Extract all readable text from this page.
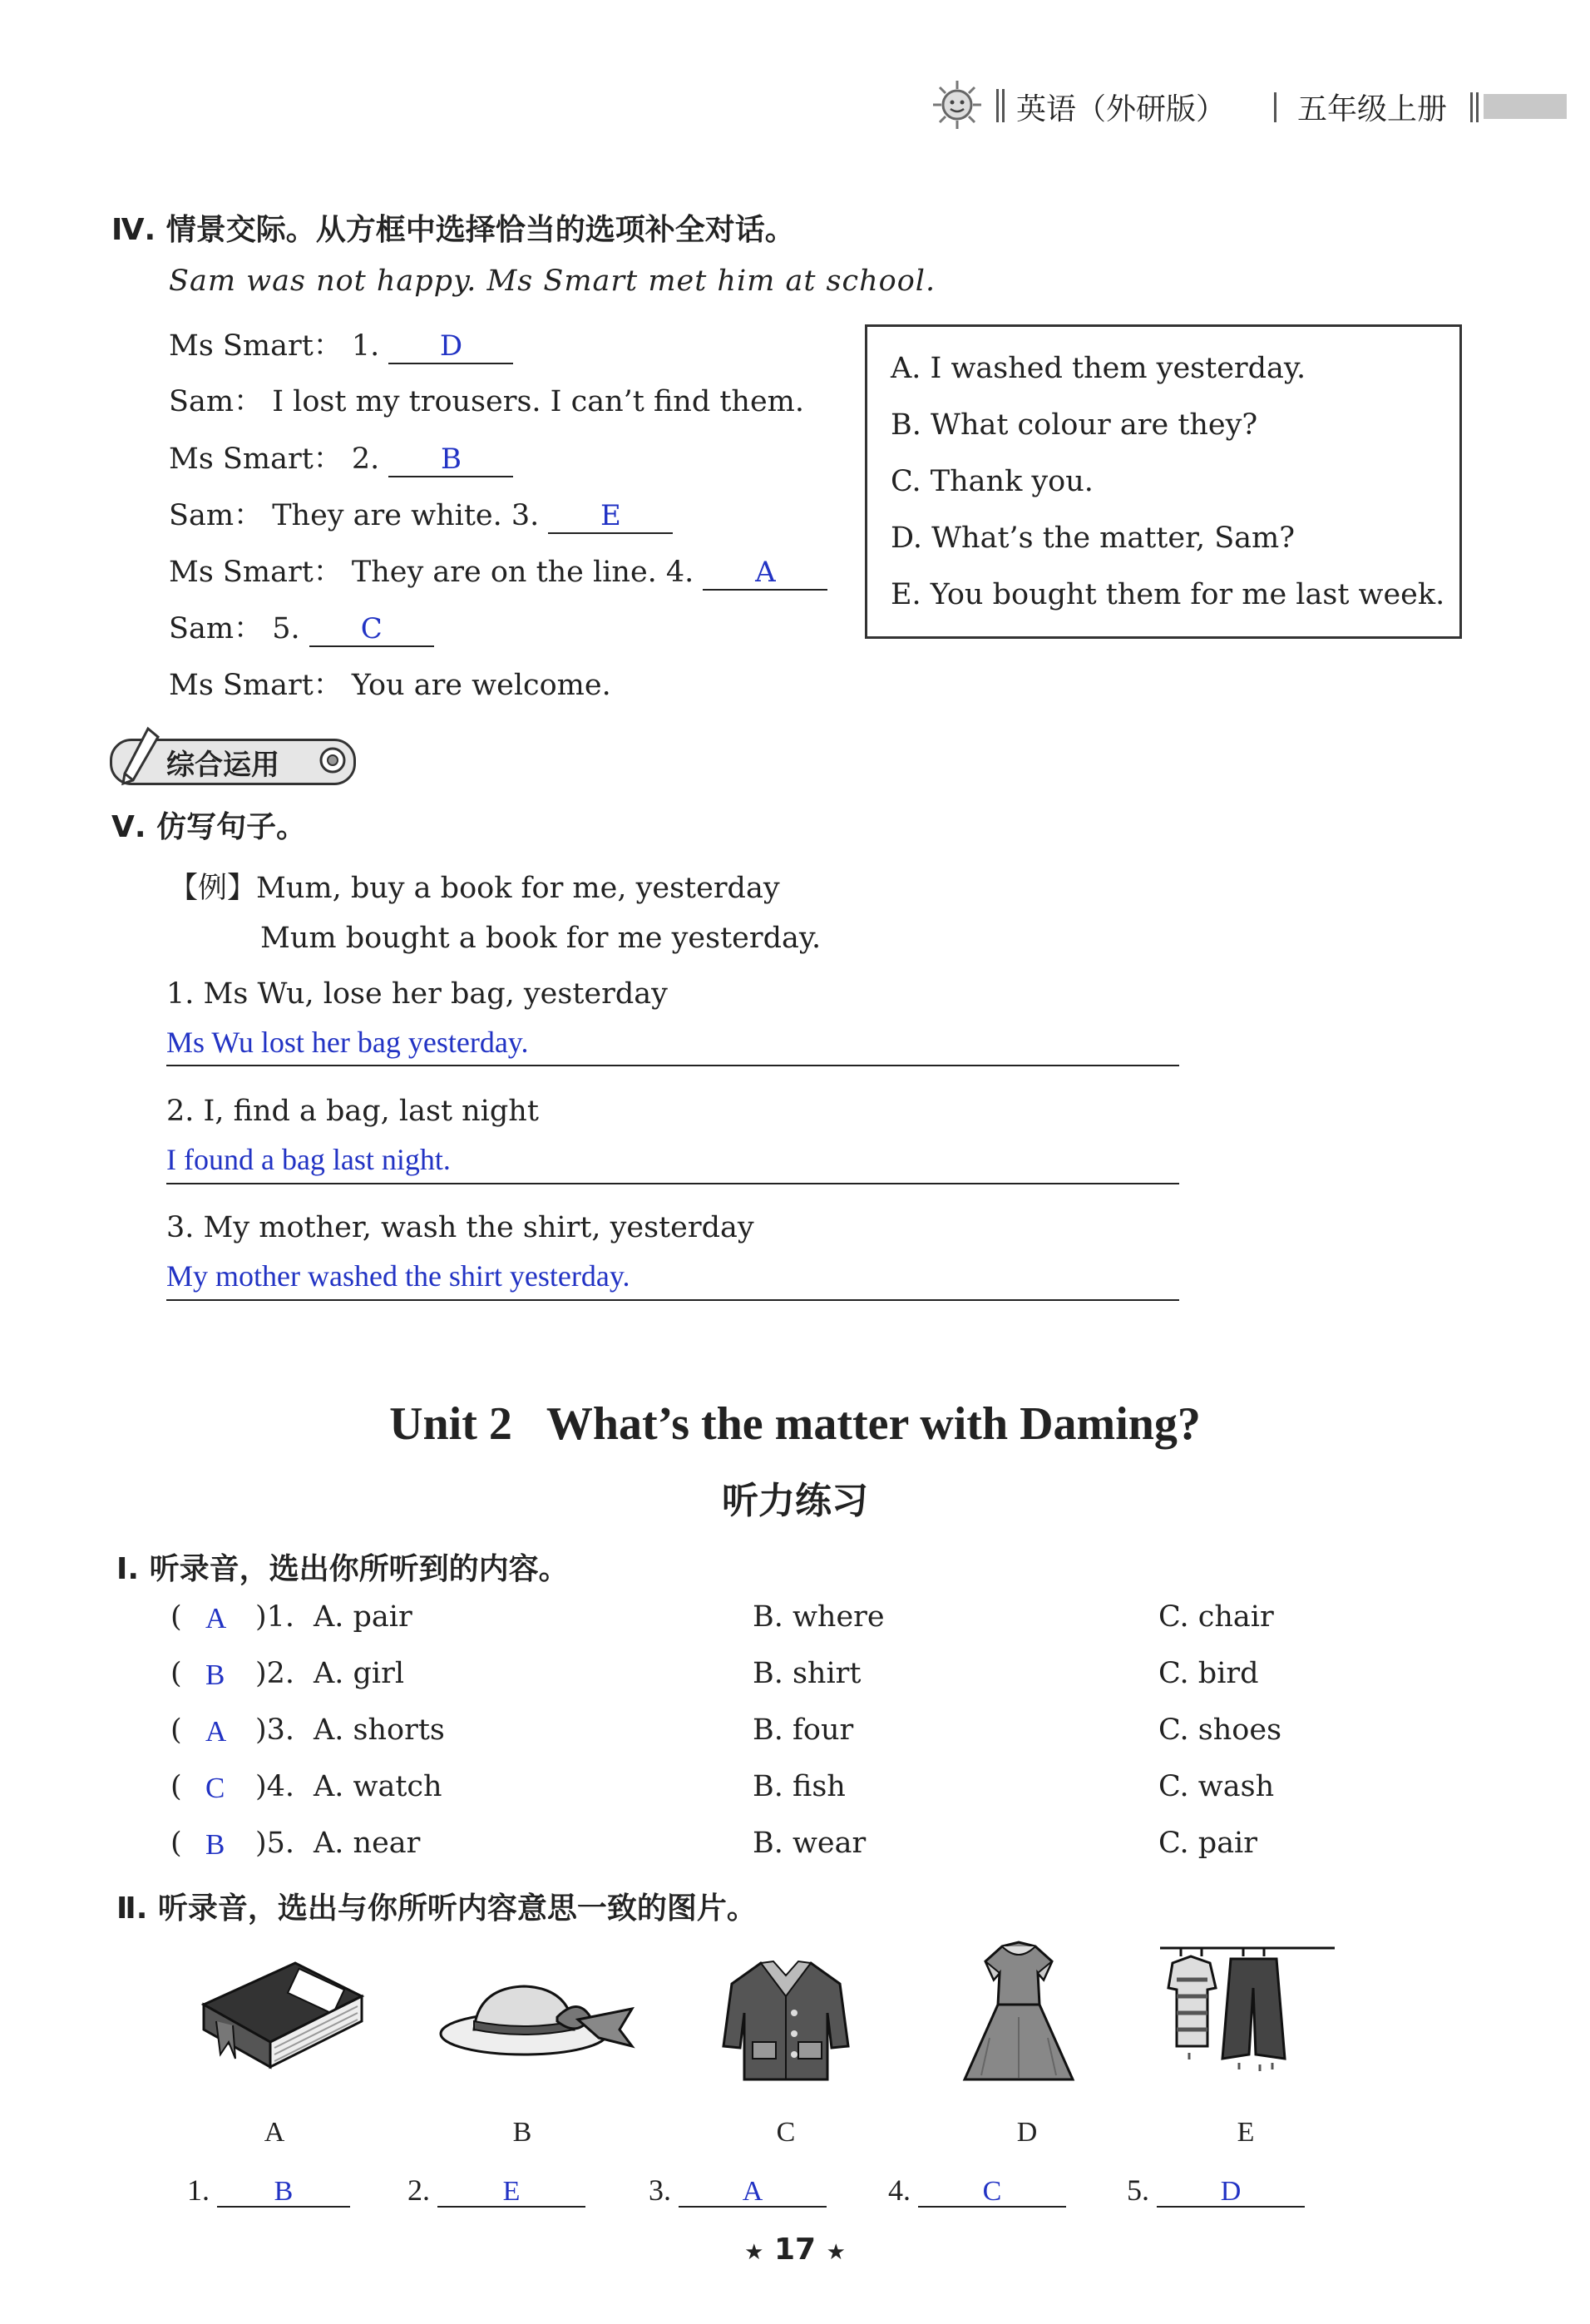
英语（外研版） 五年级上册
Ⅳ. 情景交际。从方框中选择恰当的选项补全对话。
Sam was not happy. Ms Smart met him at school.
Ms Smart： 1. D
Sam： I lost my trousers. I can’t find them.
Ms Smart： 2. B
Sam： They are white. 3. E
Ms Smart： They are on the line. 4. A
Sam： 5. C
Ms Smart： You are welcome.
A. I washed them yesterday.
B. What colour are they?
C. Thank you.
D. What’s the matter, Sam?
E. You bought them for me last week.
综合运用
Ⅴ. 仿写句子。
【例】Mum, buy a book for me, yesterday
Mum bought a book for me yesterday.
1. Ms Wu, lose her bag, yesterday
Ms Wu lost her bag yesterday.
2. I, find a bag, last night
I found a bag last night.
3. My mother, wash the shirt, yesterday
My mother washed the shirt yesterday.
Unit 2   What’s the matter with Daming?
听力练习
Ⅰ. 听录音，选出你所听到的内容。
( A )1. A. pair	B. where	C. chair
( B )2. A. girl	B. shirt	C. bird
( A )3. A. shorts	B. four	C. shoes
( C )4. A. watch	B. fish	C. wash
( B )5. A. near	B. wear	C. pair
Ⅱ. 听录音，选出与你所听内容意思一致的图片。
A	B	C	D	E
1. B	2.	E	3.	A	4.	C	5.	D
★ 17 ★
